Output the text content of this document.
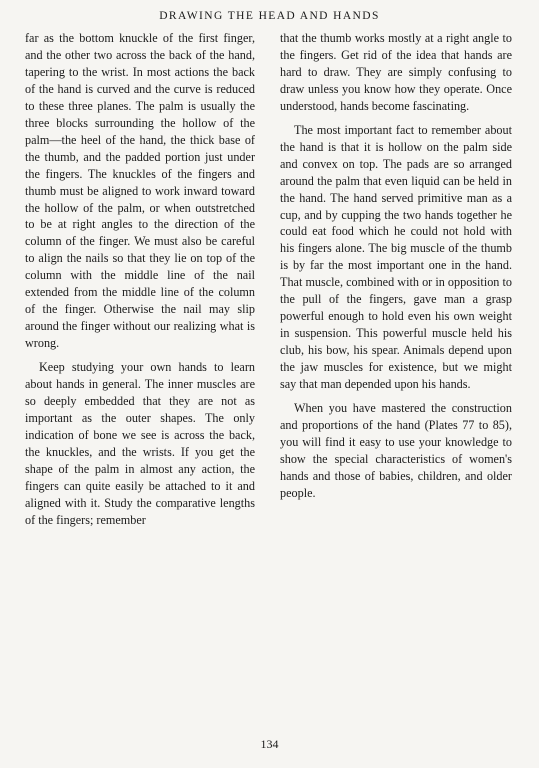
DRAWING THE HEAD AND HANDS

far as the bottom knuckle of the first finger, and the other two across the back of the hand, tapering to the wrist. In most actions the back of the hand is curved and the curve is reduced to these three planes. The palm is usually the three blocks surrounding the hollow of the palm—the heel of the hand, the thick base of the thumb, and the padded portion just under the fingers. The knuckles of the fingers and thumb must be aligned to work inward toward the hollow of the palm, or when outstretched to be at right angles to the direction of the column of the finger. We must also be careful to align the nails so that they lie on top of the column with the middle line of the nail extended from the middle line of the column of the finger. Otherwise the nail may slip around the finger without our realizing what is wrong.

Keep studying your own hands to learn about hands in general. The inner muscles are so deeply embedded that they are not as important as the outer shapes. The only indication of bone we see is across the back, the knuckles, and the wrists. If you get the shape of the palm in almost any action, the fingers can quite easily be attached to it and aligned with it. Study the comparative lengths of the fingers; remember

that the thumb works mostly at a right angle to the fingers. Get rid of the idea that hands are hard to draw. They are simply confusing to draw unless you know how they operate. Once understood, hands become fascinating.

The most important fact to remember about the hand is that it is hollow on the palm side and convex on top. The pads are so arranged around the palm that even liquid can be held in the hand. The hand served primitive man as a cup, and by cupping the two hands together he could eat food which he could not hold with his fingers alone. The big muscle of the thumb is by far the most important one in the hand. That muscle, combined with or in opposition to the pull of the fingers, gave man a grasp powerful enough to hold even his own weight in suspension. This powerful muscle held his club, his bow, his spear. Animals depend upon the jaw muscles for existence, but we might say that man depended upon his hands.

When you have mastered the construction and proportions of the hand (Plates 77 to 85), you will find it easy to use your knowledge to show the special characteristics of women's hands and those of babies, children, and older people.

134
